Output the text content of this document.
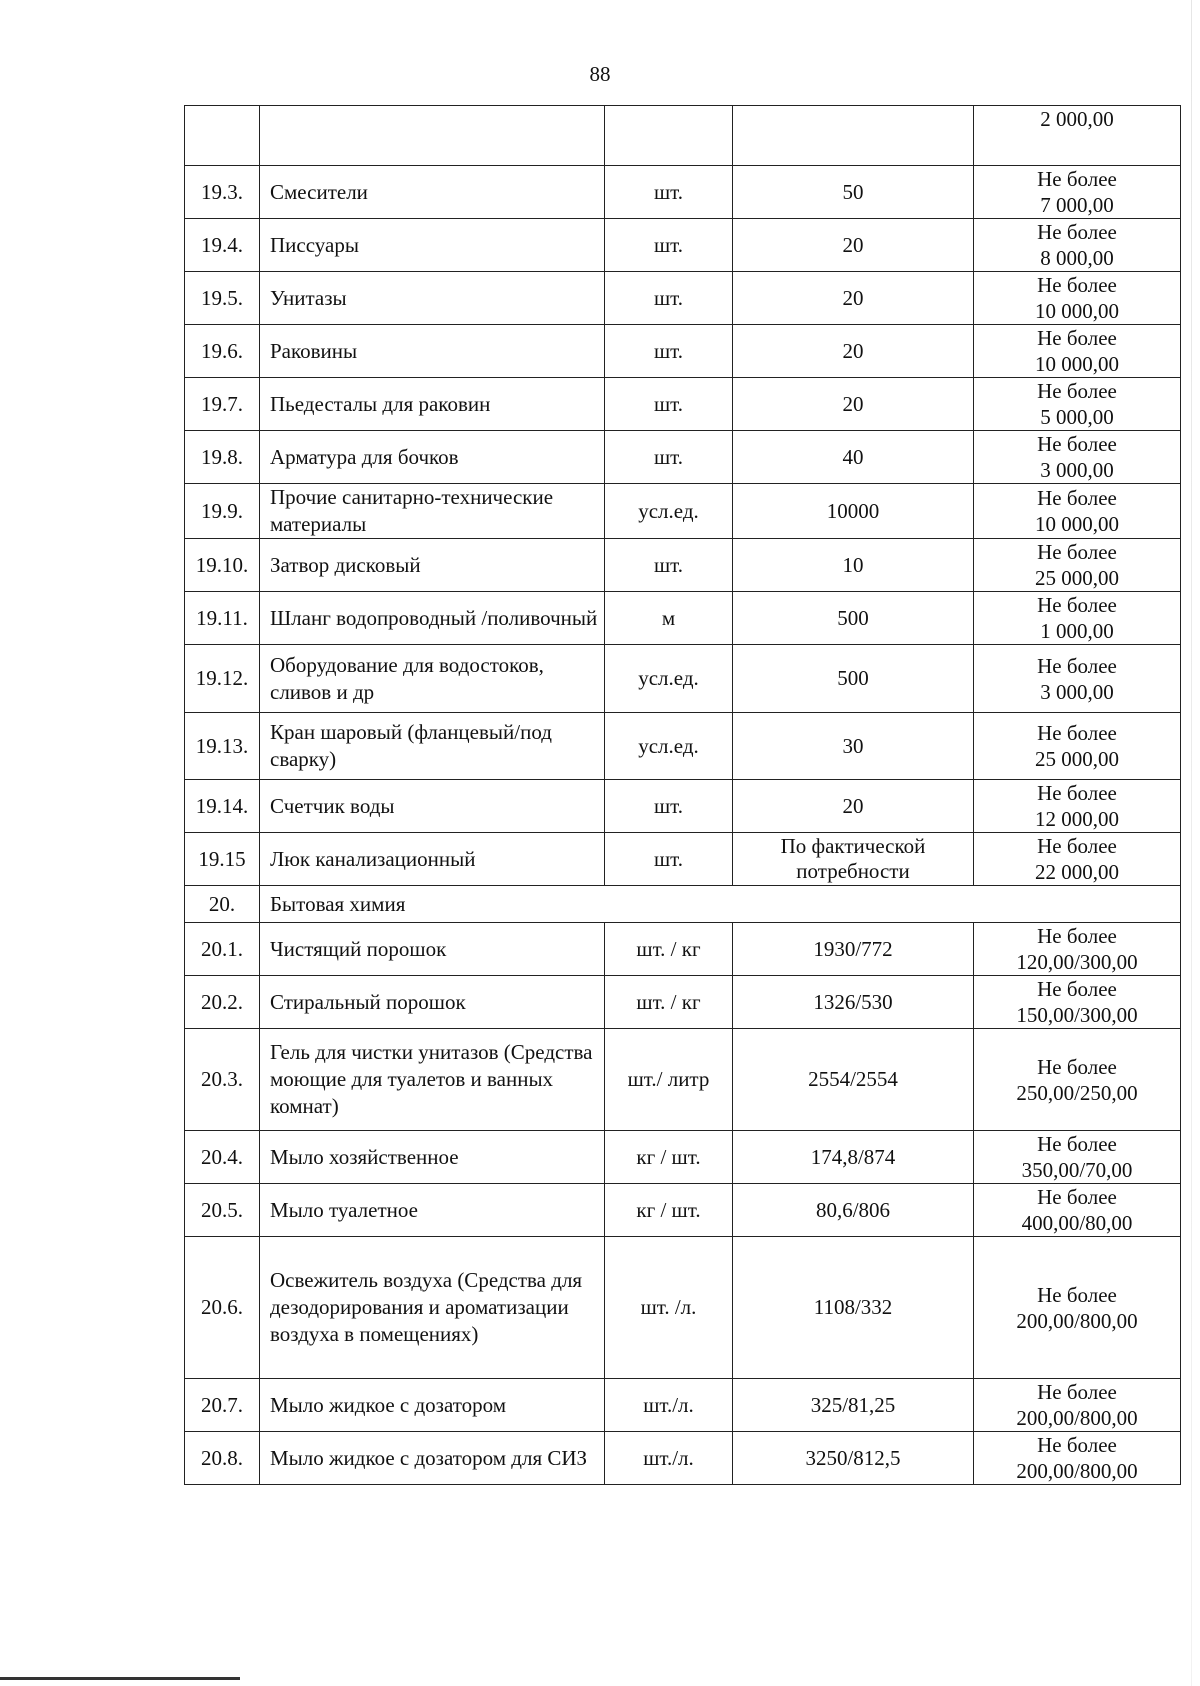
88
				2 000,00
19.3.	Смесители	шт.	50	Не более
7 000,00

19.4.	Писсуары	шт.	20	Не более
8 000,00

19.5.	Унитазы	шт.	20	Не более
10 000,00

19.6.	Раковины	шт.	20	Не более
10 000,00

19.7.	Пьедесталы для раковин	шт.	20	Не более
5 000,00

19.8.	Арматура для бочков	шт.	40	Не более
3 000,00

19.9.	Прочие санитарно-технические материалы	усл.ед.	10000	Не более
10 000,00

19.10.	Затвор дисковый	шт.	10	Не более
25 000,00

19.11.	Шланг водопроводный /поливочный	м	500	Не более
1 000,00

19.12.	Оборудование для водостоков, сливов и др	усл.ед.	500	Не более
3 000,00

19.13.	Кран шаровый (фланцевый/под сварку)	усл.ед.	30	Не более
25 000,00

19.14.	Счетчик воды	шт.	20	Не более
12 000,00

19.15	Люк канализационный	шт.	По фактической потребности	Не более
22 000,00

20.	Бытовая химия			
20.1.	Чистящий порошок	шт. / кг	1930/772	Не более
120,00/300,00

20.2.	Стиральный порошок	шт. / кг	1326/530	Не более
150,00/300,00

20.3.	Гель для чистки унитазов (Средства моющие для туалетов и ванных комнат)	шт./ литр	2554/2554	Не более
250,00/250,00

20.4.	Мыло хозяйственное	кг / шт.	174,8/874	Не более
350,00/70,00

20.5.	Мыло туалетное	кг / шт.	80,6/806	Не более
400,00/80,00

20.6.	Освежитель воздуха (Средства для дезодорирования и ароматизации воздуха в помещениях)	шт. /л.	1108/332	Не более
200,00/800,00

20.7.	Мыло жидкое с дозатором	шт./л.	325/81,25	Не более
200,00/800,00

20.8.	Мыло жидкое с дозатором для СИЗ	шт./л.	3250/812,5	Не более
200,00/800,00
